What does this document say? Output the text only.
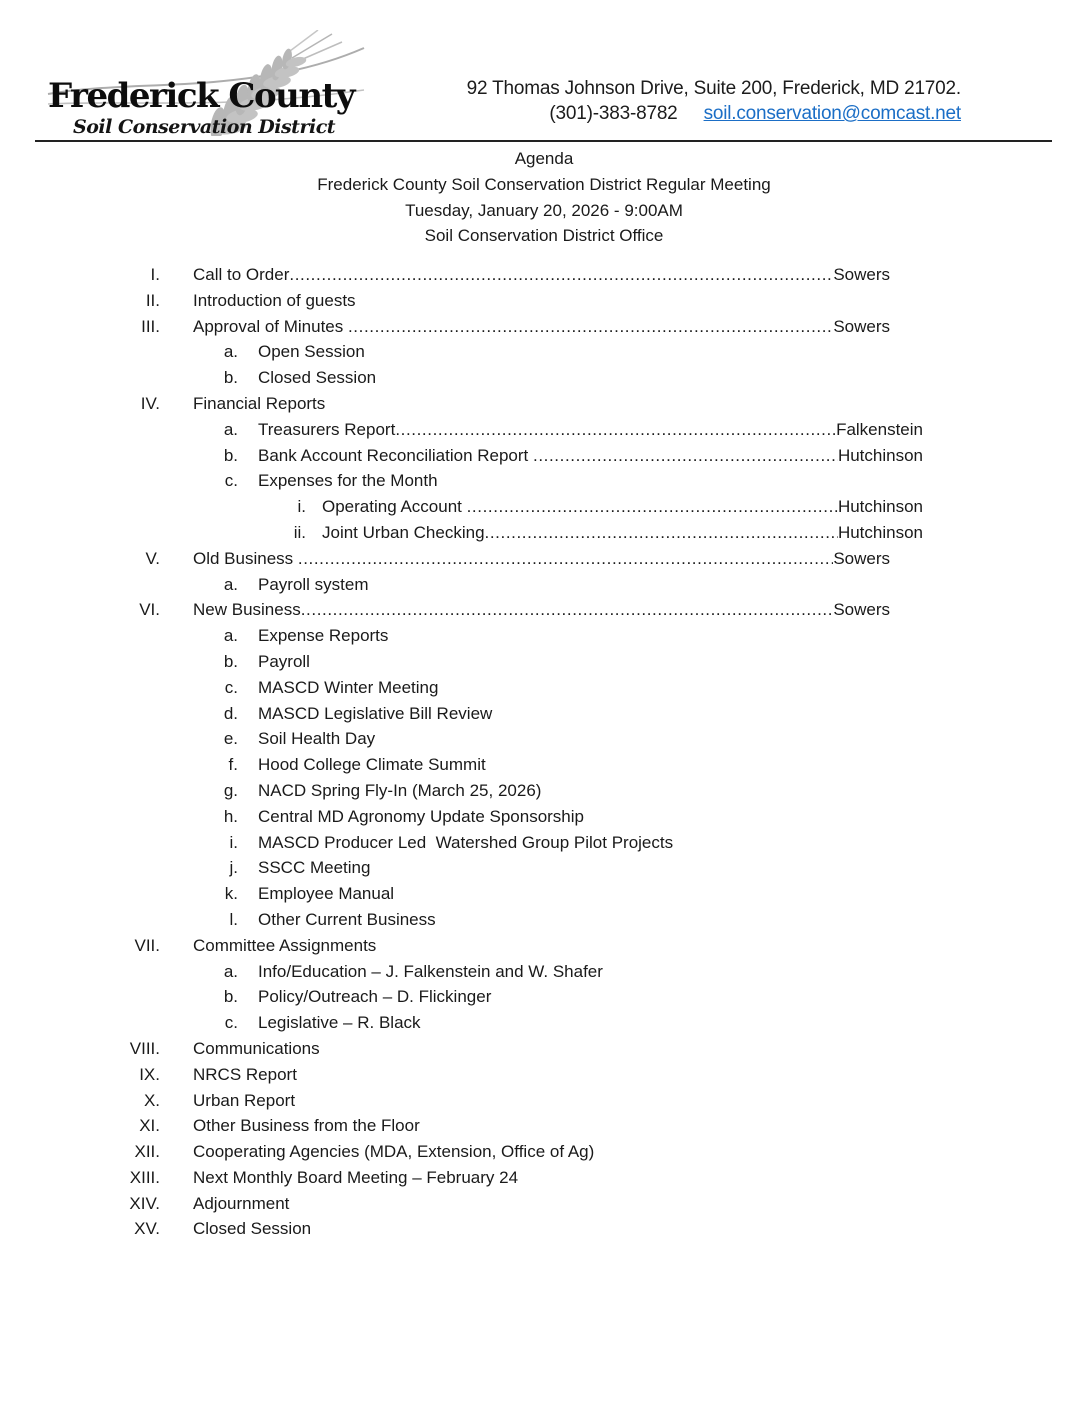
Frederick County
Soil Conservation District
92 Thomas Johnson Drive, Suite 200, Frederick, MD 21702.
(301)-383-8782 soil.conservation@comcast.net
Agenda
Frederick County Soil Conservation District Regular Meeting
Tuesday, January 20, 2026 - 9:00AM
Soil Conservation District Office
I.	Call to Order .....	Sowers
II.	Introduction of guests
III.	Approval of Minutes .....	Sowers
a.	Open Session
b.	Closed Session
IV.	Financial Reports
a.	Treasurers Report .....	Falkenstein
b.	Bank Account Reconciliation Report .....	Hutchinson
c.	Expenses for the Month
i. Operating Account .....	Hutchinson
ii. Joint Urban Checking .....	Hutchinson
V.	Old Business .....	Sowers
a.	Payroll system
VI.	New Business .....	Sowers
a.	Expense Reports
b.	Payroll
c.	MASCD Winter Meeting
d.	MASCD Legislative Bill Review
e.	Soil Health Day
f.	Hood College Climate Summit
g.	NACD Spring Fly-In (March 25, 2026)
h.	Central MD Agronomy Update Sponsorship
i.	MASCD Producer Led  Watershed Group Pilot Projects
j.	SSCC Meeting
k.	Employee Manual
l.	Other Current Business
VII.	Committee Assignments
a.	Info/Education – J. Falkenstein and W. Shafer
b.	Policy/Outreach – D. Flickinger
c.	Legislative – R. Black
VIII.	Communications
IX.	NRCS Report
X.	Urban Report
XI.	Other Business from the Floor
XII.	Cooperating Agencies (MDA, Extension, Office of Ag)
XIII.	Next Monthly Board Meeting – February 24
XIV.	Adjournment
XV.	Closed Session
